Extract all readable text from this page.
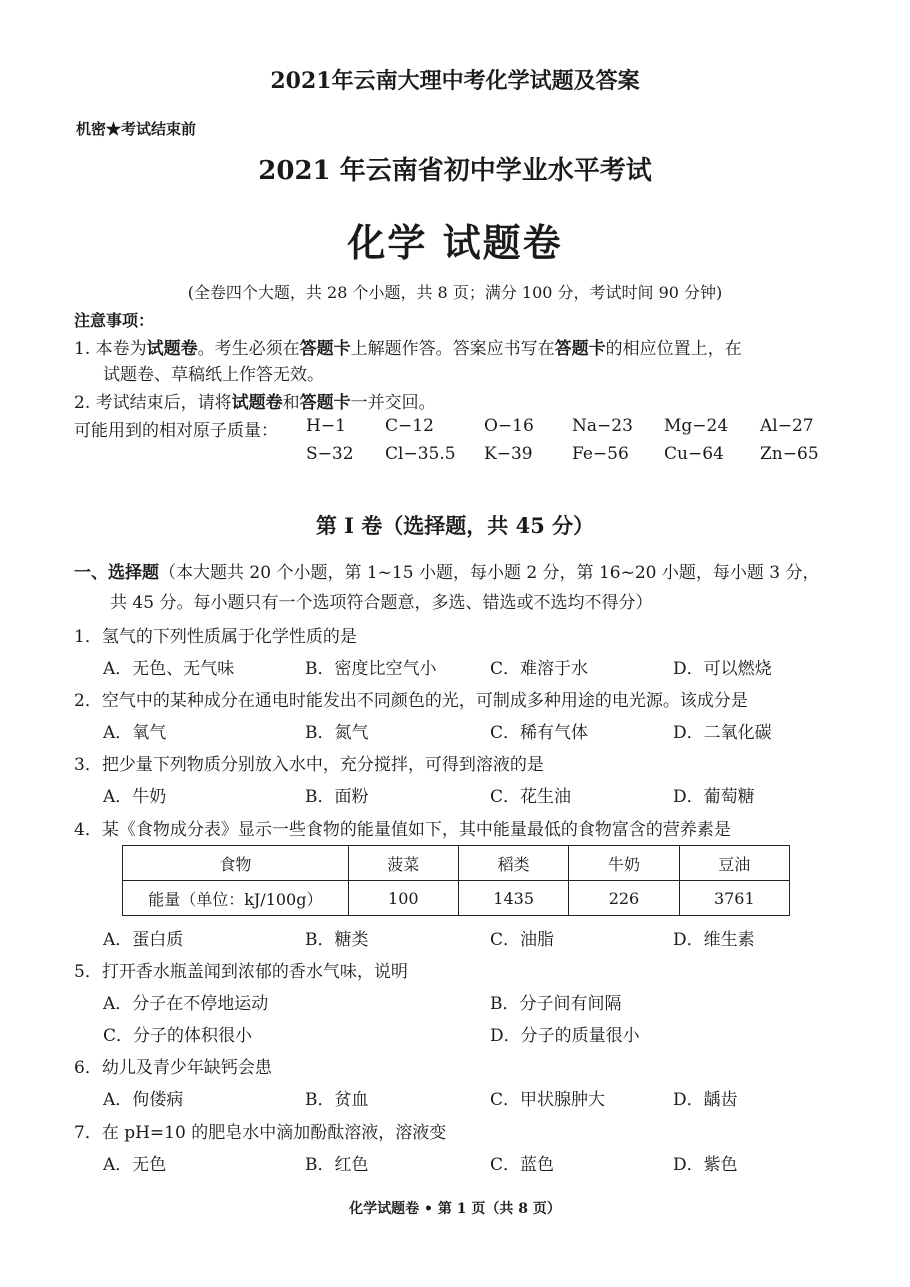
2021年云南大理中考化学试题及答案
机密★考试结束前
2021 年云南省初中学业水平考试
化学 试题卷
(全卷四个大题，共 28 个小题，共 8 页；满分 100 分，考试时间 90 分钟)
注意事项：
1. 本卷为试题卷。考生必须在答题卡上解题作答。答案应书写在答题卡的相应位置上，在
试题卷、草稿纸上作答无效。
2. 考试结束后，请将试题卷和答题卡一并交回。
可能用到的相对原子质量： H−1 C−12	O−16 Na−23 Mg−24 Al−27
S−32 Cl−35.5 K−39 Fe−56 Cu−64 Zn−65
第 I 卷（选择题，共 45 分）
一、选择题（本大题共 20 个小题，第 1~15 小题，每小题 2 分，第 16~20 小题，每小题 3 分，
共 45 分。每小题只有一个选项符合题意，多选、错选或不选均不得分）
1．氢气的下列性质属于化学性质的是
A．无色、无气味	B．密度比空气小	C．难溶于水	D．可以燃烧
2．空气中的某种成分在通电时能发出不同颜色的光，可制成多种用途的电光源。该成分是
A．氧气	B．氮气	C．稀有气体	D．二氧化碳
3．把少量下列物质分别放入水中，充分搅拌，可得到溶液的是
A．牛奶	B．面粉	C．花生油	D．葡萄糖
4．某《食物成分表》显示一些食物的能量值如下，其中能量最低的食物富含的营养素是
食物	菠菜	稻类	牛奶	豆油
能量（单位：kJ/100g）	100	1435	226	3761
A．蛋白质	B．糖类	C．油脂	D．维生素
5．打开香水瓶盖闻到浓郁的香水气味，说明
A．分子在不停地运动	B．分子间有间隔
C．分子的体积很小	D．分子的质量很小
6．幼儿及青少年缺钙会患
A．佝偻病	B．贫血	C．甲状腺肿大	D．龋齿
7．在 pH=10 的肥皂水中滴加酚酞溶液，溶液变
A．无色	B．红色	C．蓝色	D．紫色
化学试题卷 • 第 1 页（共 8 页）
